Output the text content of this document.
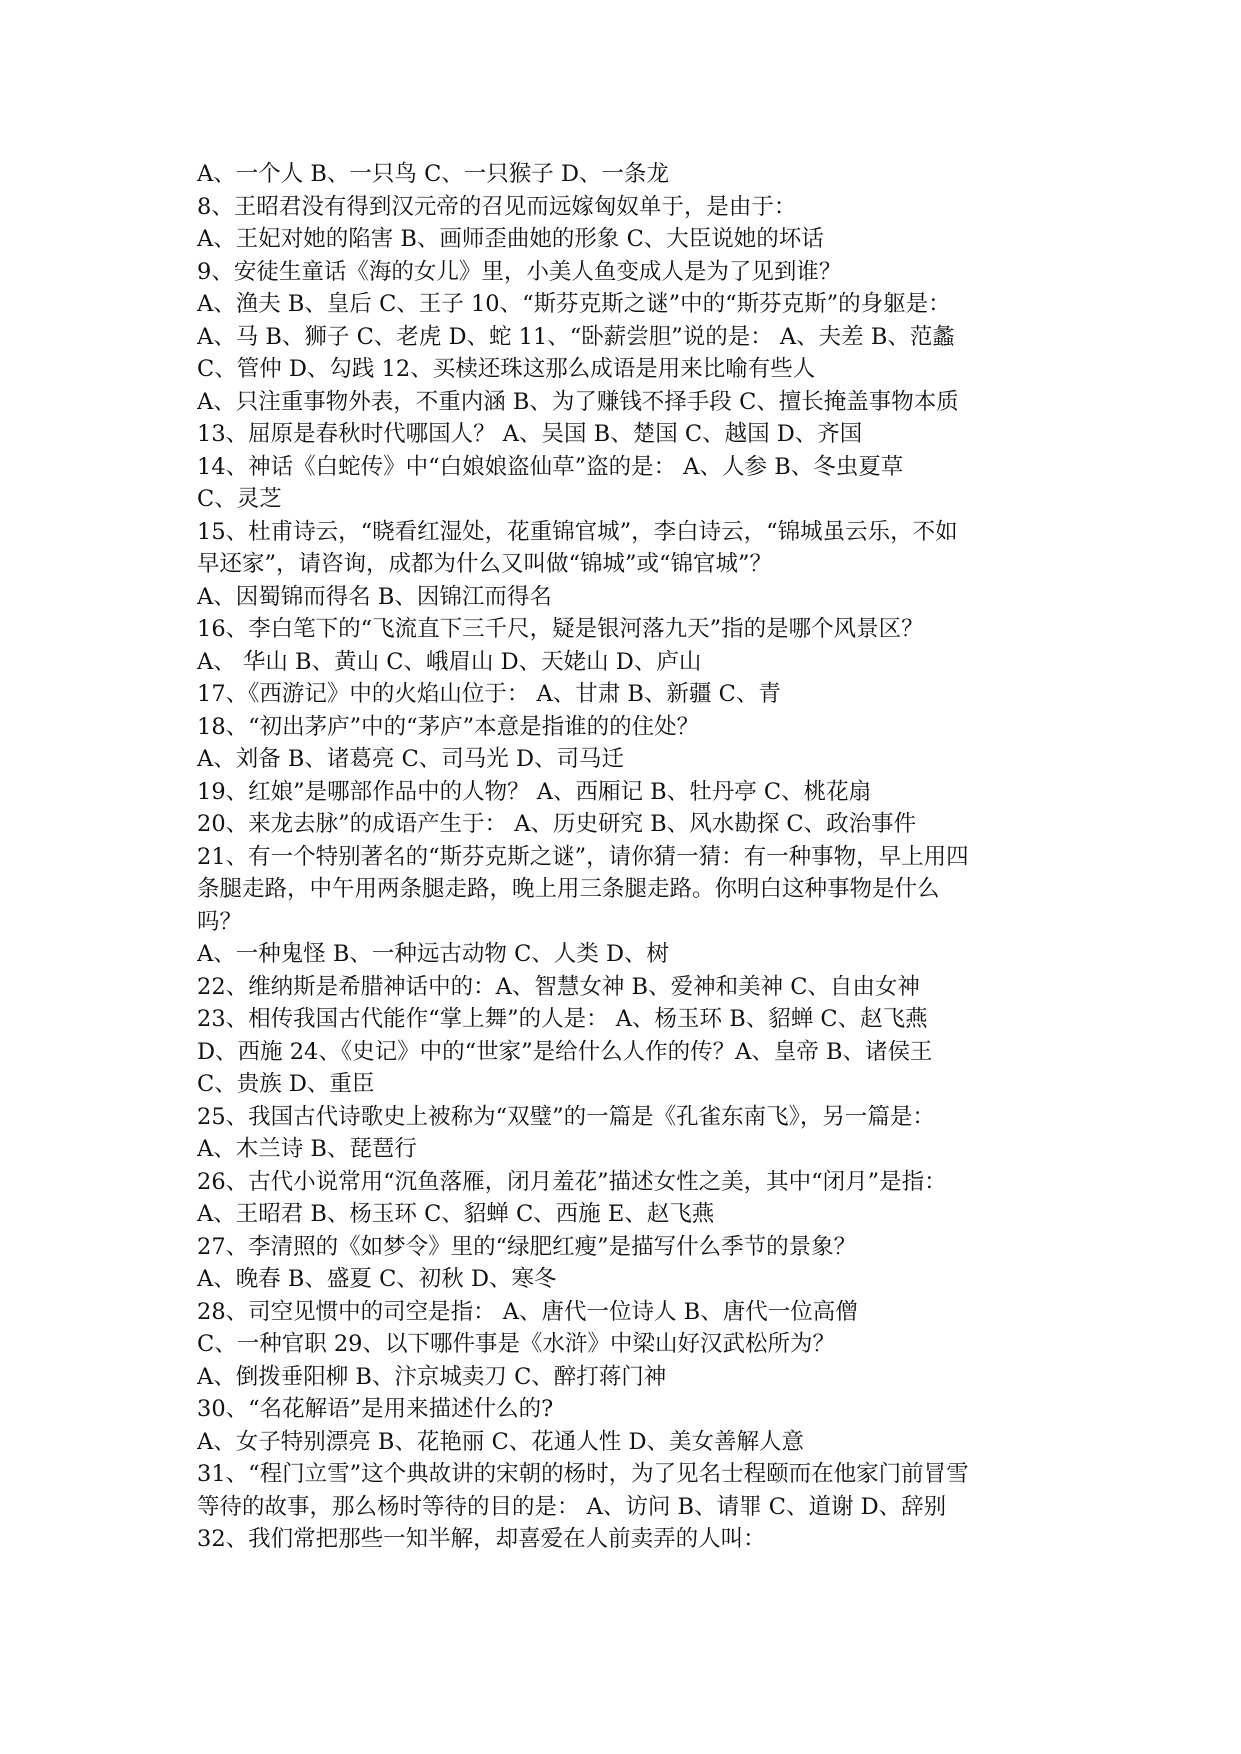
A、一个人 B、一只鸟 C、一只猴子 D、一条龙
8、王昭君没有得到汉元帝的召见而远嫁匈奴单于，是由于：
A、王妃对她的陷害 B、画师歪曲她的形象 C、大臣说她的坏话
9、安徒生童话《海的女儿》里，小美人鱼变成人是为了见到谁？
A、渔夫 B、皇后 C、王子 10、“斯芬克斯之谜”中的“斯芬克斯”的身躯是：
A、马 B、狮子 C、老虎 D、蛇 11、“卧薪尝胆”说的是： A、夫差 B、范蠡
C、管仲 D、勾践 12、买椟还珠这那么成语是用来比喻有些人
A、只注重事物外表，不重内涵 B、为了赚钱不择手段 C、擅长掩盖事物本质
13、屈原是春秋时代哪国人？ A、吴国 B、楚国 C、越国 D、齐国
14、神话《白蛇传》中“白娘娘盗仙草”盗的是： A、人参 B、冬虫夏草
C、灵芝
15、杜甫诗云，“晓看红湿处，花重锦官城”，李白诗云，“锦城虽云乐，不如
早还家”，请咨询，成都为什么又叫做“锦城”或“锦官城”？
A、因蜀锦而得名 B、因锦江而得名
16、李白笔下的“飞流直下三千尺，疑是银河落九天”指的是哪个风景区？
A、 华山 B、黄山 C、峨眉山 D、天姥山 D、庐山
17、《西游记》中的火焰山位于： A、甘肃 B、新疆 C、青
18、“初出茅庐”中的“茅庐”本意是指谁的的住处？
A、刘备 B、诸葛亮 C、司马光 D、司马迁
19、红娘”是哪部作品中的人物？ A、西厢记 B、牡丹亭 C、桃花扇
20、来龙去脉”的成语产生于： A、历史研究 B、风水勘探 C、政治事件
21、有一个特别著名的“斯芬克斯之谜”，请你猜一猜：有一种事物，早上用四
条腿走路，中午用两条腿走路，晚上用三条腿走路。你明白这种事物是什么
吗？
A、一种鬼怪 B、一种远古动物 C、人类 D、树
22、维纳斯是希腊神话中的：A、智慧女神 B、爱神和美神 C、自由女神
23、相传我国古代能作“掌上舞”的人是： A、杨玉环 B、貂蝉 C、赵飞燕
D、西施 24、《史记》中的“世家”是给什么人作的传？A、皇帝 B、诸侯王
C、贵族 D、重臣
25、我国古代诗歌史上被称为“双璧”的一篇是《孔雀东南飞》，另一篇是：
A、木兰诗 B、琵琶行
26、古代小说常用“沉鱼落雁，闭月羞花”描述女性之美，其中“闭月”是指：
A、王昭君 B、杨玉环 C、貂蝉 C、西施 E、赵飞燕
27、李清照的《如梦令》里的“绿肥红瘦”是描写什么季节的景象？
A、晚春 B、盛夏 C、初秋 D、寒冬
28、司空见惯中的司空是指： A、唐代一位诗人 B、唐代一位高僧
C、一种官职 29、以下哪件事是《水浒》中梁山好汉武松所为？
A、倒拨垂阳柳 B、汴京城卖刀 C、醉打蒋门神
30、“名花解语”是用来描述什么的?
A、女子特别漂亮 B、花艳丽 C、花通人性 D、美女善解人意
31、“程门立雪”这个典故讲的宋朝的杨时，为了见名士程颐而在他家门前冒雪
等待的故事，那么杨时等待的目的是： A、访问 B、请罪 C、道谢 D、辞别
32、我们常把那些一知半解，却喜爱在人前卖弄的人叫：
